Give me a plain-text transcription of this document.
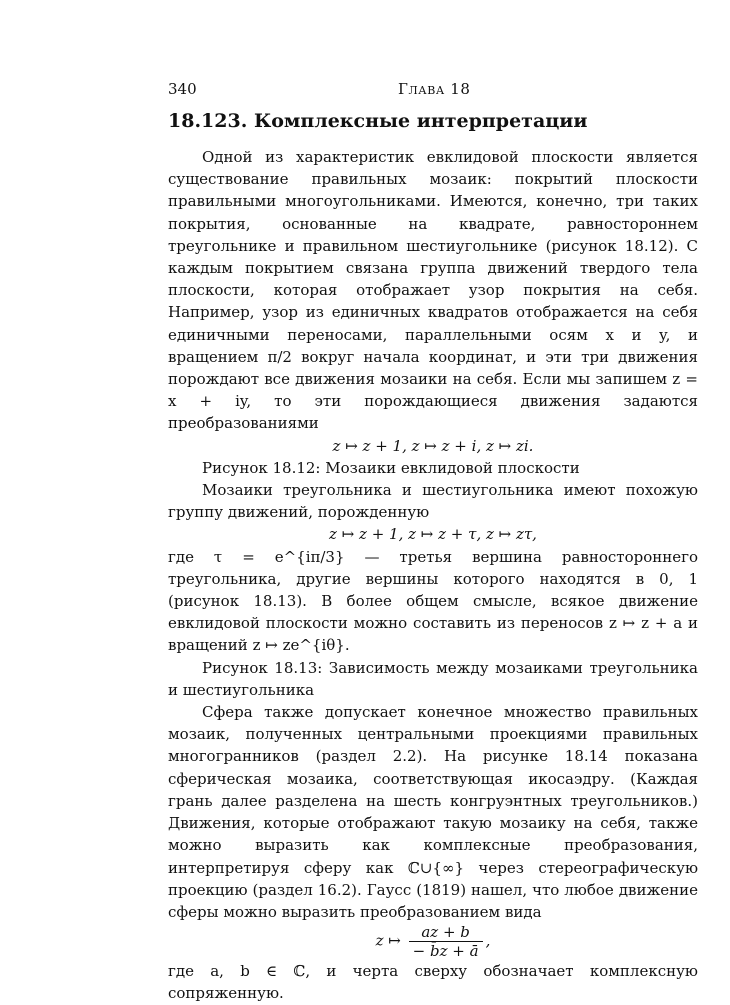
340	Глава 18
18.123. Комплексные интерпретации

Одной из характеристик евклидовой плоскости является существование правильных мозаик: покрытий плоскости правильными многоугольниками. Имеются, конечно, три таких покрытия, основанные на квадрате, равностороннем треугольнике и правильном шестиугольнике (рисунок 18.12). С каждым покрытием связана группа движений твердого тела плоскости, которая отображает узор покрытия на себя. Например, узор из единичных квадратов отображается на себя единичными переносами, параллельными осям x и y, и вращением π/2 вокруг начала координат, и эти три движения порождают все движения мозаики на себя. Если мы запишем z = x + iy, то эти порождающиеся движения задаются преобразованиями

z ↦ z + 1, z ↦ z + i, z ↦ zi.

Рисунок 18.12: Мозаики евклидовой плоскости

Мозаики треугольника и шестиугольника имеют похожую группу движений, порожденную

z ↦ z + 1, z ↦ z + τ, z ↦ zτ,

где τ = e^{iπ/3} — третья вершина равностороннего треугольника, другие вершины которого находятся в 0, 1 (рисунок 18.13). В более общем смысле, всякое движение евклидовой плоскости можно составить из переносов z ↦ z + a и вращений z ↦ ze^{iθ}.

Рисунок 18.13: Зависимость между мозаиками треугольника и шестиугольника

Сфера также допускает конечное множество правильных мозаик, полученных центральными проекциями правильных многогранников (раздел 2.2). На рисунке 18.14 показана сферическая мозаика, соответствующая икосаэдру. (Каждая грань далее разделена на шесть конгруэнтных треугольников.) Движения, которые отображают такую мозаику на себя, также можно выразить как комплексные преобразования, интерпретируя сферу как ℂ∪{∞} через стереографическую проекцию (раздел 16.2). Гаусс (1819) нашел, что любое движение сферы можно выразить преобразованием вида

z ↦ $\frac{az + b}{- b̄z + ā}$ ,

где a, b ∈ ℂ, и черта сверху обозначает комплексную сопряженную.
